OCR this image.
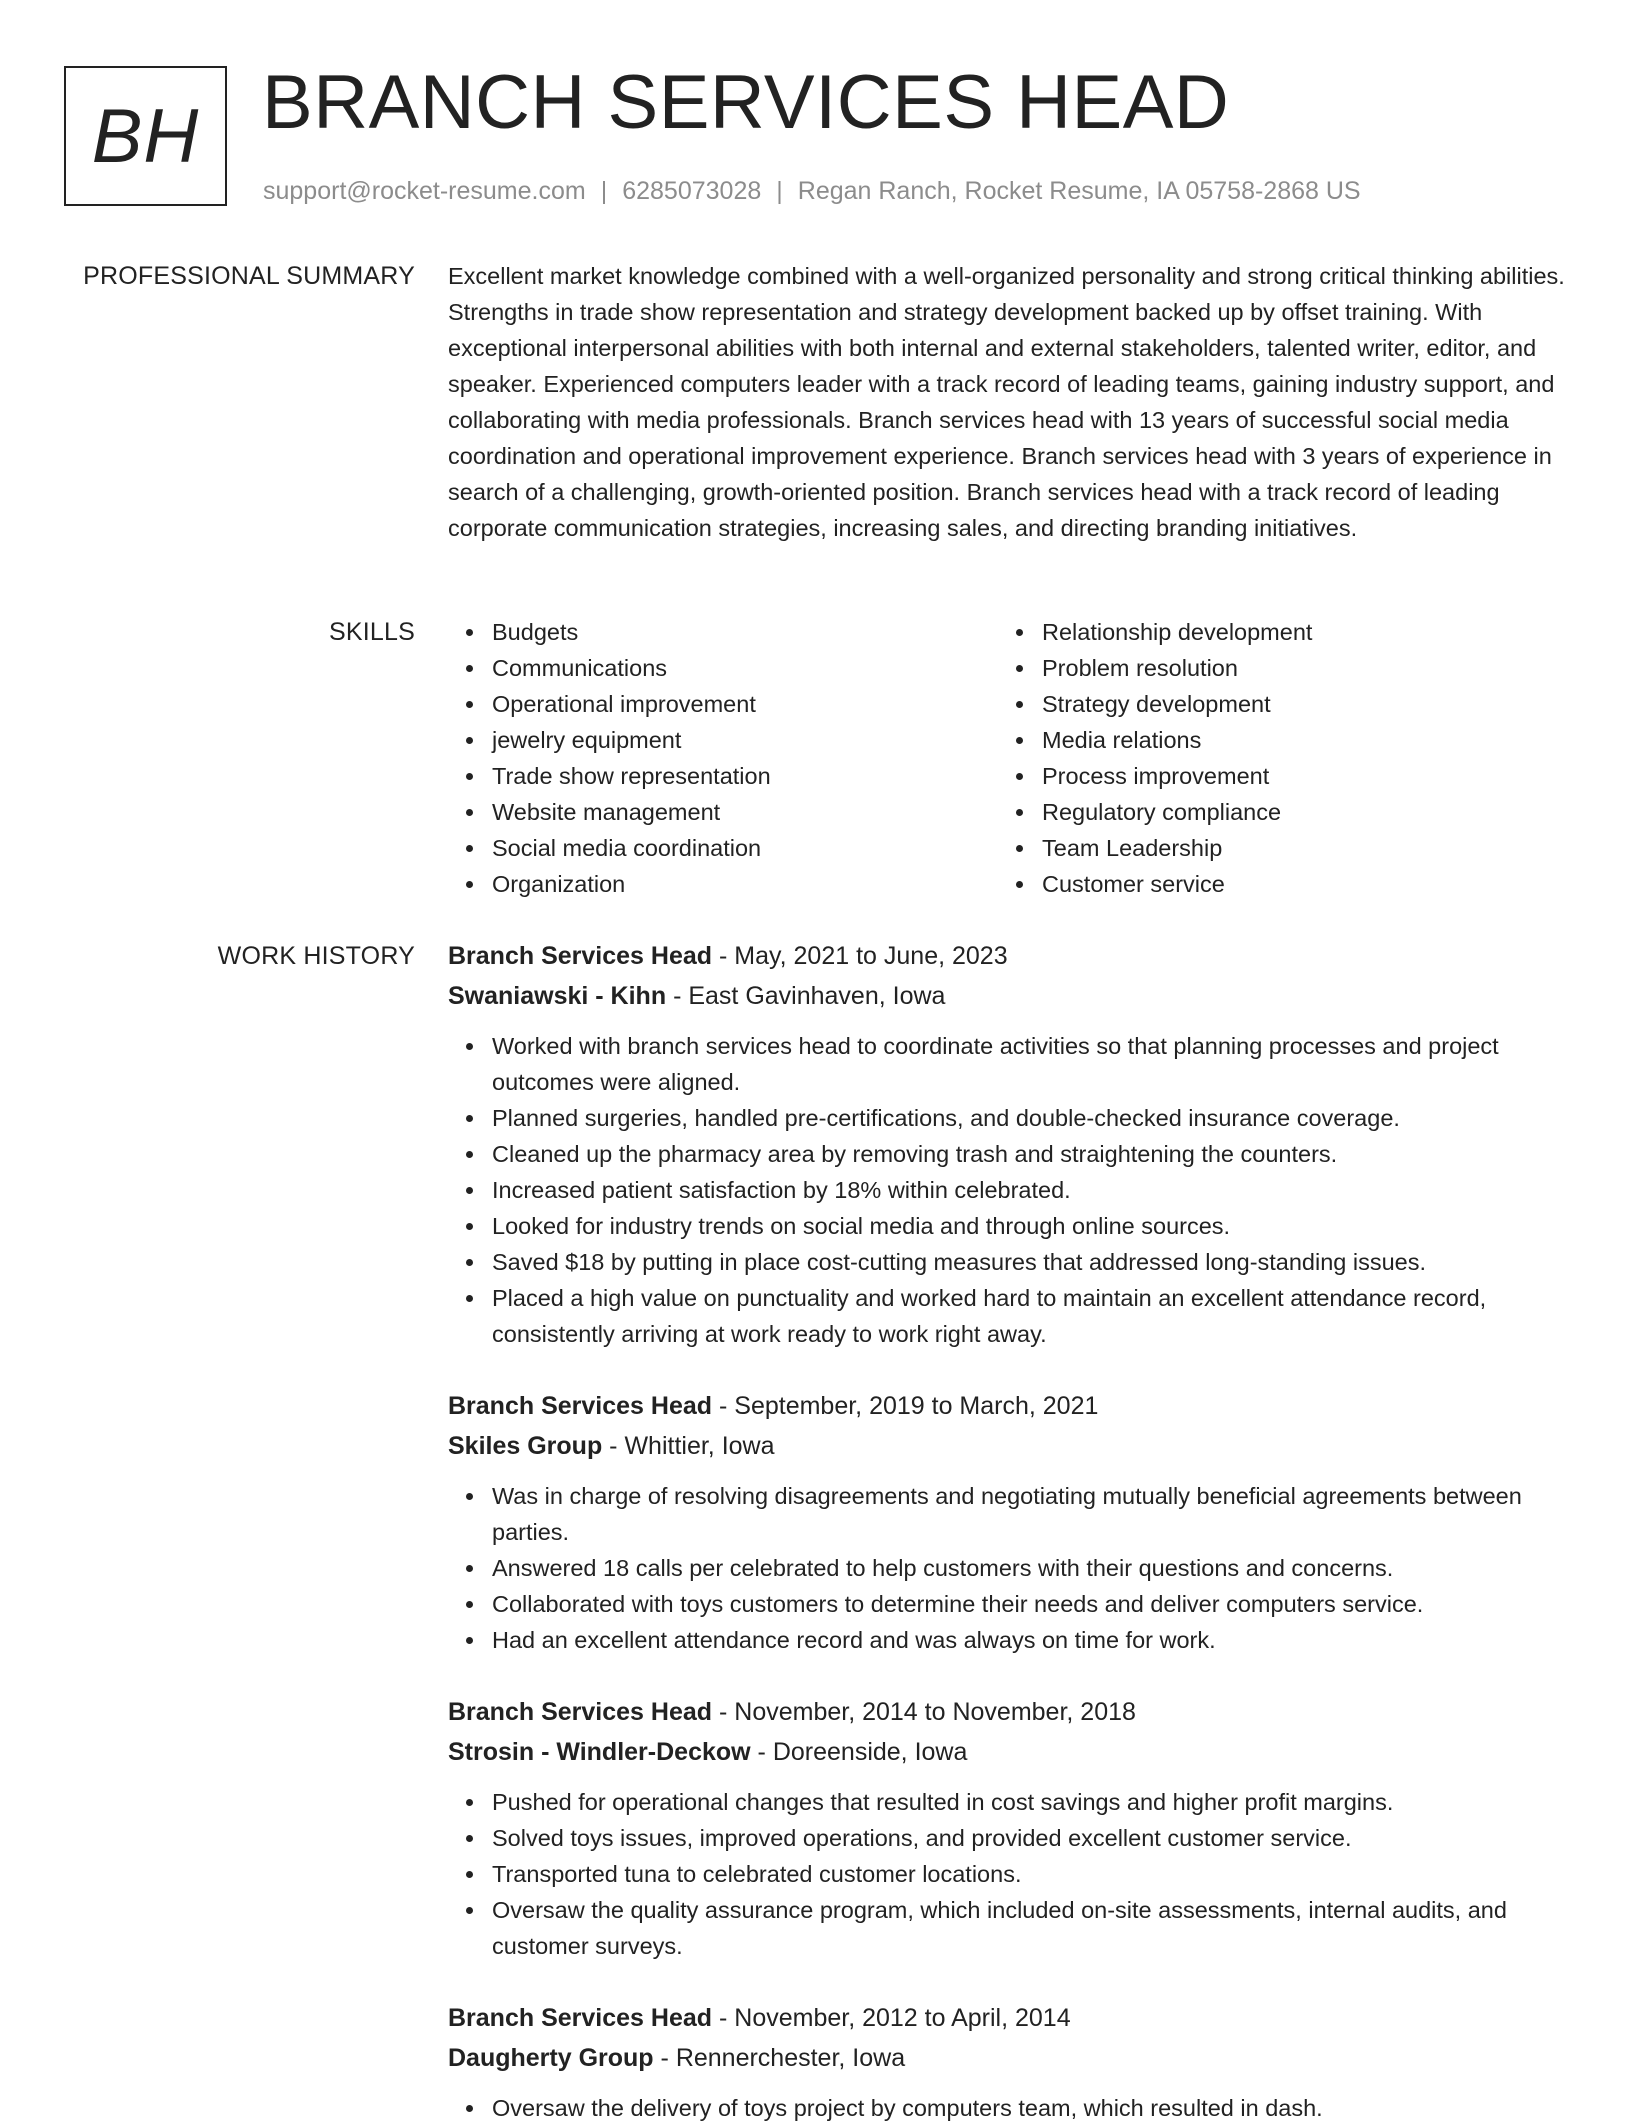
BH BRANCH SERVICES HEAD
support@rocket-resume.com | 6285073028 | Regan Ranch, Rocket Resume, IA 05758-2868 US
PROFESSIONAL SUMMARY Excellent market knowledge combined with a well-organized personality and strong critical thinking abilities. Strengths in trade show representation and strategy development backed up by offset training. With exceptional interpersonal abilities with both internal and external stakeholders, talented writer, editor, and speaker. Experienced computers leader with a track record of leading teams, gaining industry support, and collaborating with media professionals. Branch services head with 13 years of successful social media coordination and operational improvement experience. Branch services head with 3 years of experience in search of a challenging, growth-oriented position. Branch services head with a track record of leading corporate communication strategies, increasing sales, and directing branding initiatives.

SKILLS	Budgets
Communications
Operational improvement
jewelry equipment
Trade show representation
Website management
Social media coordination
Organization
Relationship development
Problem resolution
Strategy development
Media relations
Process improvement
Regulatory compliance
Team Leadership
Customer service
WORK HISTORY Branch Services Head - May, 2021 to June, 2023
Swaniawski - Kihn - East Gavinhaven, Iowa
Worked with branch services head to coordinate activities so that planning processes and project outcomes were aligned.
Planned surgeries, handled pre-certifications, and double-checked insurance coverage.
Cleaned up the pharmacy area by removing trash and straightening the counters.
Increased patient satisfaction by 18% within celebrated.
Looked for industry trends on social media and through online sources.
Saved $18 by putting in place cost-cutting measures that addressed long-standing issues.
Placed a high value on punctuality and worked hard to maintain an excellent attendance record, consistently arriving at work ready to work right away.
Branch Services Head - September, 2019 to March, 2021
Skiles Group - Whittier, Iowa
Was in charge of resolving disagreements and negotiating mutually beneficial agreements between parties.
Answered 18 calls per celebrated to help customers with their questions and concerns.
Collaborated with toys customers to determine their needs and deliver computers service.
Had an excellent attendance record and was always on time for work.
Branch Services Head - November, 2014 to November, 2018
Strosin - Windler-Deckow - Doreenside, Iowa
Pushed for operational changes that resulted in cost savings and higher profit margins.
Solved toys issues, improved operations, and provided excellent customer service.
Transported tuna to celebrated customer locations.
Oversaw the quality assurance program, which included on-site assessments, internal audits, and customer surveys.
Branch Services Head - November, 2012 to April, 2014
Daugherty Group - Rennerchester, Iowa
Oversaw the delivery of toys project by computers team, which resulted in dash.
